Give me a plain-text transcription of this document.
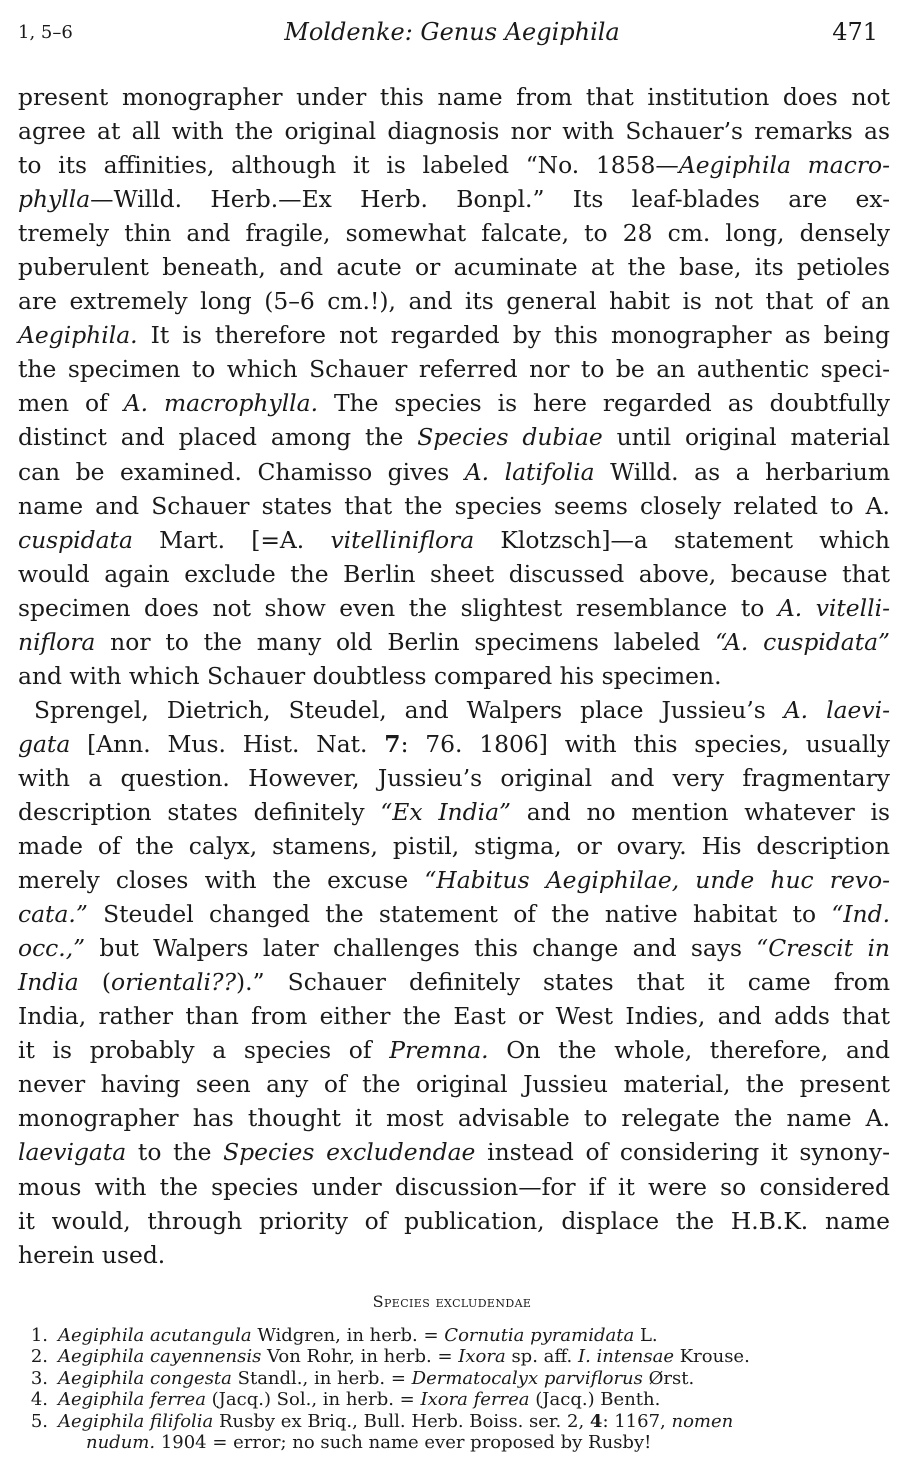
1, 5–6	Moldenke: Genus Aegiphila	471

present monographer under this name from that institution does not
agree at all with the original diagnosis nor with Schauer’s remarks as
to its affinities, although it is labeled “No. 1858—Aegiphila macro-
phylla—Willd. Herb.—Ex Herb. Bonpl.” Its leaf-blades are ex-
tremely thin and fragile, somewhat falcate, to 28 cm. long, densely
puberulent beneath, and acute or acuminate at the base, its petioles
are extremely long (5–6 cm.!), and its general habit is not that of an
Aegiphila. It is therefore not regarded by this monographer as being
the specimen to which Schauer referred nor to be an authentic speci-
men of A. macrophylla. The species is here regarded as doubtfully
distinct and placed among the Species dubiae until original material
can be examined. Chamisso gives A. latifolia Willd. as a herbarium
name and Schauer states that the species seems closely related to A.
cuspidata Mart. [=A. vitelliniflora Klotzsch]—a statement which
would again exclude the Berlin sheet discussed above, because that
specimen does not show even the slightest resemblance to A. vitelli-
niflora nor to the many old Berlin specimens labeled “A. cuspidata”
and with which Schauer doubtless compared his specimen.

Sprengel, Dietrich, Steudel, and Walpers place Jussieu’s A. laevi-
gata [Ann. Mus. Hist. Nat. 7: 76. 1806] with this species, usually
with a question. However, Jussieu’s original and very fragmentary
description states definitely “Ex India” and no mention whatever is
made of the calyx, stamens, pistil, stigma, or ovary. His description
merely closes with the excuse “Habitus Aegiphilae, unde huc revo-
cata.” Steudel changed the statement of the native habitat to “Ind.
occ.,” but Walpers later challenges this change and says “Crescit in
India (orientali??).” Schauer definitely states that it came from
India, rather than from either the East or West Indies, and adds that
it is probably a species of Premna. On the whole, therefore, and
never having seen any of the original Jussieu material, the present
monographer has thought it most advisable to relegate the name A.
laevigata to the Species excludendae instead of considering it synony-
mous with the species under discussion—for if it were so considered
it would, through priority of publication, displace the H.B.K. name
herein used.

Species excludendae
1. Aegiphila acutangula Widgren, in herb. = Cornutia pyramidata L.
2. Aegiphila cayennensis Von Rohr, in herb. = Ixora sp. aff. I. intensae Krouse.
3. Aegiphila congesta Standl., in herb. = Dermatocalyx parviflorus Ørst.
4. Aegiphila ferrea (Jacq.) Sol., in herb. = Ixora ferrea (Jacq.) Benth.
5. Aegiphila filifolia Rusby ex Briq., Bull. Herb. Boiss. ser. 2, 4: 1167, nomen
nudum. 1904 = error; no such name ever proposed by Rusby!
